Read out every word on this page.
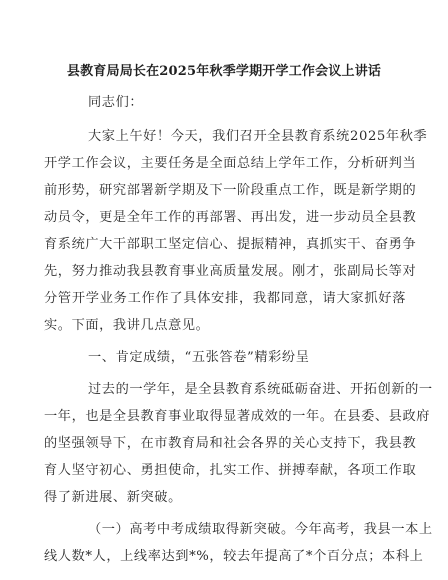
县教育局局长在2025年秋季学期开学工作会议上讲话
同志们：
大家上午好！今天，我们召开全县教育系统2025年秋季
开学工作会议，主要任务是全面总结上学年工作，分析研判当
前形势，研究部署新学期及下一阶段重点工作，既是新学期的
动员令，更是全年工作的再部署、再出发，进一步动员全县教
育系统广大干部职工坚定信心、提振精神，真抓实干、奋勇争
先，努力推动我县教育事业高质量发展。刚才，张副局长等对
分管开学业务工作作了具体安排，我都同意，请大家抓好落
实。下面，我讲几点意见。
一、肯定成绩，“五张答卷”精彩纷呈
过去的一学年，是全县教育系统砥砺奋进、开拓创新的一
一年，也是全县教育事业取得显著成效的一年。在县委、县政府
的坚强领导下，在市教育局和社会各界的关心支持下，我县教
育人坚守初心、勇担使命，扎实工作、拼搏奉献，各项工作取
得了新进展、新突破。
（一）高考中考成绩取得新突破。今年高考，我县一本上
线人数*人，上线率达到*%，较去年提高了*个百分点；本科上
